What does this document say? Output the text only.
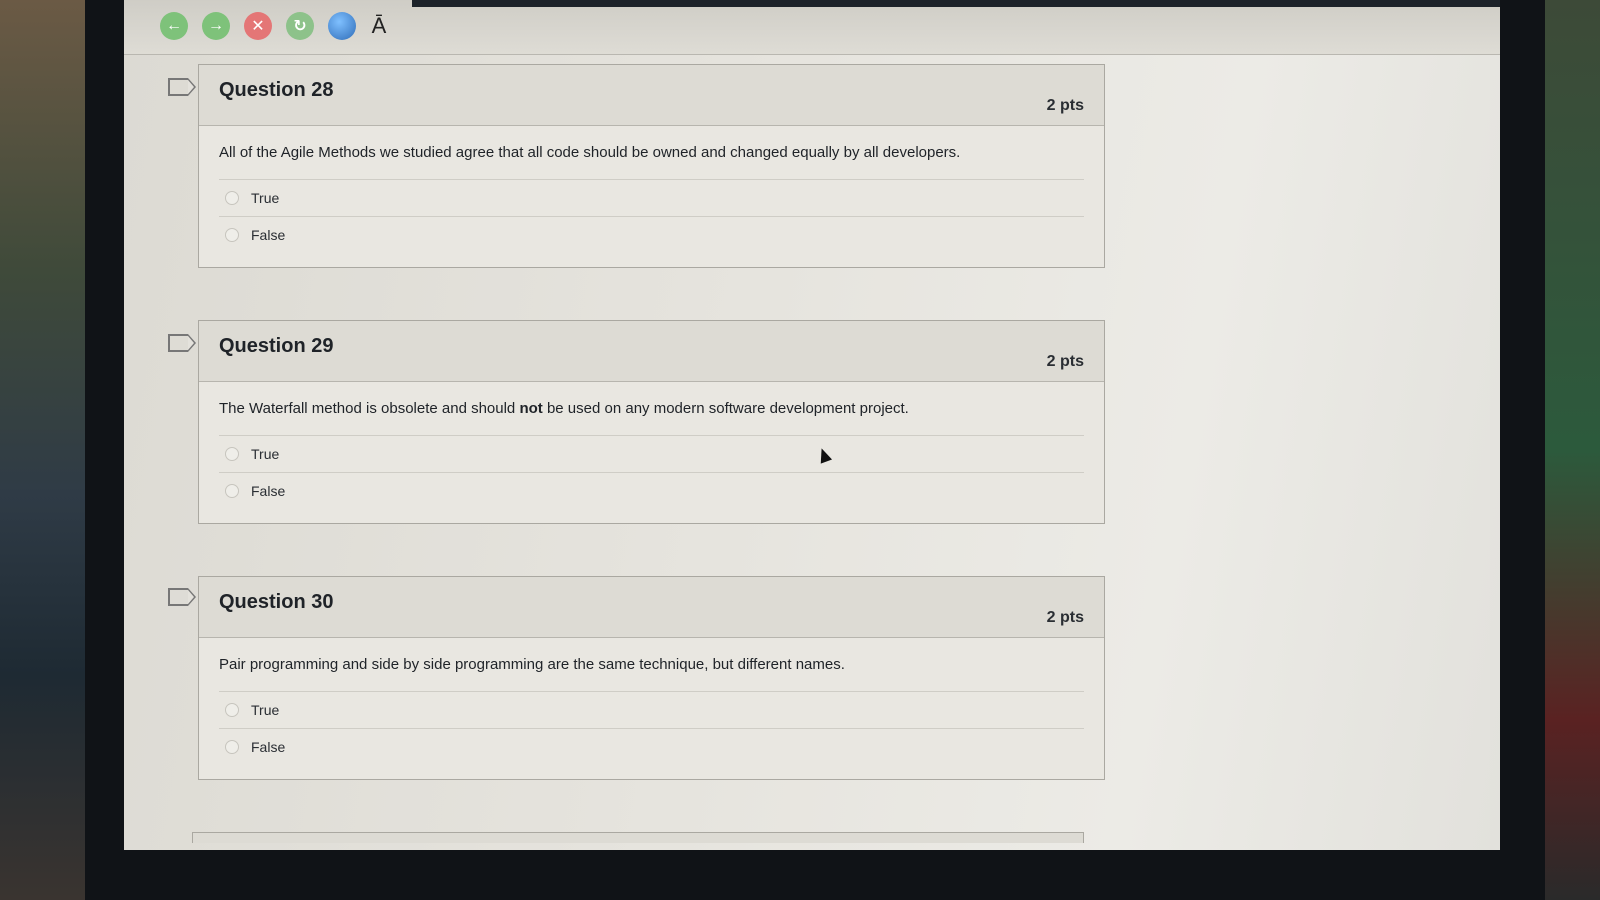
←	→	✕	↻	Ā
Question 28
2 pts
All of the Agile Methods we studied agree that all code should be owned and changed equally by all developers.
True
False
Question 29
2 pts
The Waterfall method is obsolete and should not be used on any modern software development project.
True
False
Question 30
2 pts
Pair programming and side by side programming are the same technique, but different names.
True
False
